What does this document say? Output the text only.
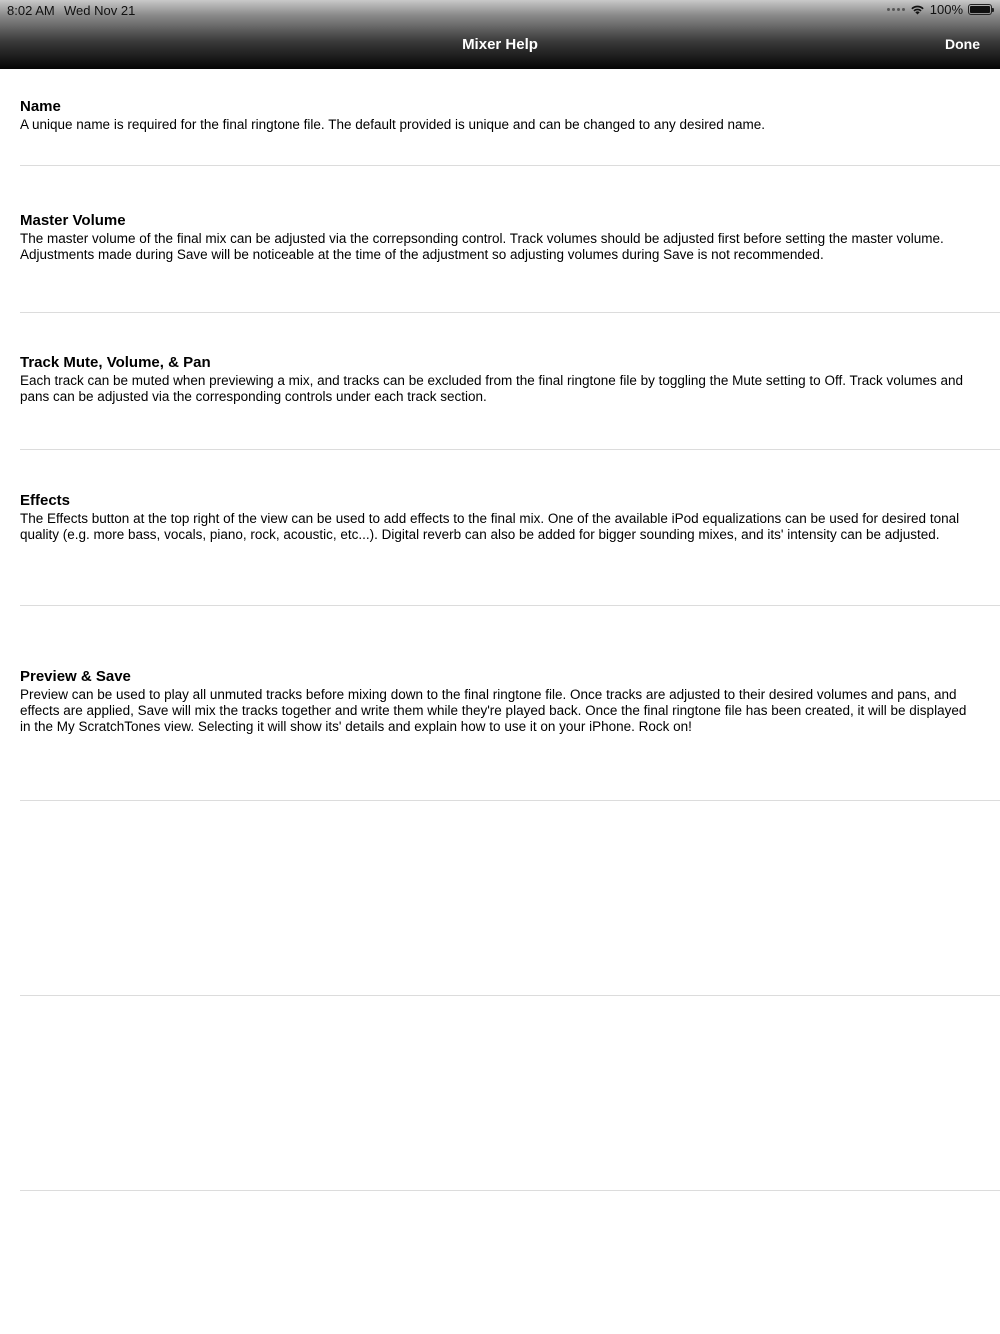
8:02 AM Wed Nov 21	100%
Mixer Help	Done
Name

A unique name is required for the final ringtone file. The default provided is unique and can be changed to any desired name.

Master Volume

The master volume of the final mix can be adjusted via the correpsonding control. Track volumes should be adjusted first before setting the master volume. Adjustments made during Save will be noticeable at the time of the adjustment so adjusting volumes during Save is not recommended.

Track Mute, Volume, & Pan

Each track can be muted when previewing a mix, and tracks can be excluded from the final ringtone file by toggling the Mute setting to Off. Track volumes and pans can be adjusted via the corresponding controls under each track section.

Effects

The Effects button at the top right of the view can be used to add effects to the final mix. One of the available iPod equalizations can be used for desired tonal quality (e.g. more bass, vocals, piano, rock, acoustic, etc...). Digital reverb can also be added for bigger sounding mixes, and its' intensity can be adjusted.

Preview & Save

Preview can be used to play all unmuted tracks before mixing down to the final ringtone file. Once tracks are adjusted to their desired volumes and pans, and effects are applied, Save will mix the tracks together and write them while they're played back. Once the final ringtone file has been created, it will be displayed in the My ScratchTones view. Selecting it will show its' details and explain how to use it on your iPhone. Rock on!
